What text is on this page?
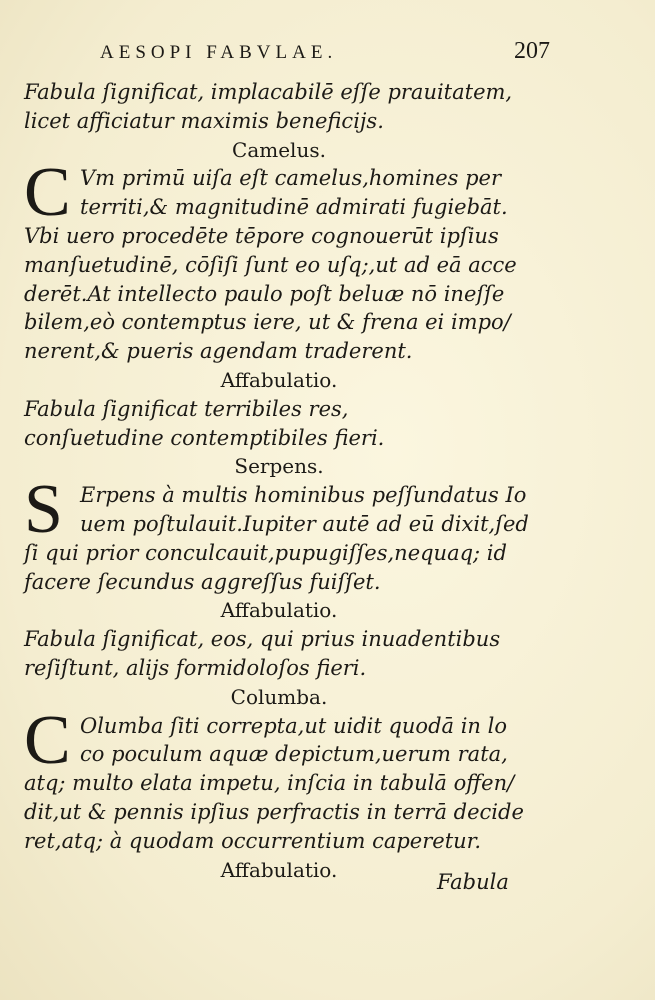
AESOPI FABVLAE.	207
Fabula ſignificat, implacabilē eſſe prauitatem,
licet afficiatur maximis beneficijs.
Camelus.
C Vm primū uiſa eſt camelus,homines per
territi,& magnitudinē admirati fugiebāt.
Vbi uero procedēte tēpore cognouerūt ipſius
manſuetudinē, cōſiſi ſunt eo uſq;,ut ad eā acce
derēt.At intellecto paulo poſt beluæ nō ineſſe
bilem,eò contemptus iere, ut & frena ei impo/
nerent,& pueris agendam traderent.
Affabulatio.
Fabula ſignificat terribiles res,
conſuetudine contemptibiles fieri.
Serpens.
S Erpens à multis hominibus peſſundatus Io
uem poſtulauit.Iupiter autē ad eū dixit,ſed
ſi qui prior conculcauit,pupugiſſes,nequaq; id
facere ſecundus aggreſſus fuiſſet.
Affabulatio.
Fabula ſignificat, eos, qui prius inuadentibus
reſiſtunt, alijs formidoloſos fieri.
Columba.
C Olumba ſiti correpta,ut uidit quodā in lo
co poculum aquæ depictum,uerum rata,
atq; multo elata impetu, inſcia in tabulā offen/
dit,ut & pennis ipſius perfractis in terrā decide
ret,atq; à quodam occurrentium caperetur.
Affabulatio.
Fabula
